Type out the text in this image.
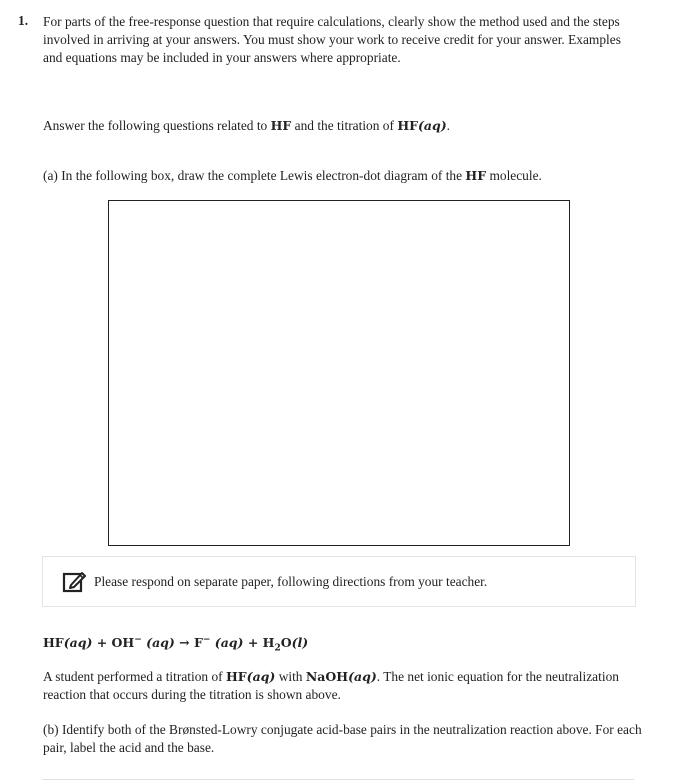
1. For parts of the free-response question that require calculations, clearly show the method used and the steps involved in arriving at your answers. You must show your work to receive credit for your answer. Examples and equations may be included in your answers where appropriate.

Answer the following questions related to HF and the titration of HF(aq).

(a) In the following box, draw the complete Lewis electron-dot diagram of the HF molecule.

Please respond on separate paper, following directions from your teacher.

HF(aq) + OH− (aq) → F− $(aq) + H_2O(l)$

A student performed a titration of HF(aq) with NaOH(aq). The net ionic equation for the neutralization reaction that occurs during the titration is shown above.

(b) Identify both of the Brønsted-Lowry conjugate acid-base pairs in the neutralization reaction above. For each pair, label the acid and the base.
